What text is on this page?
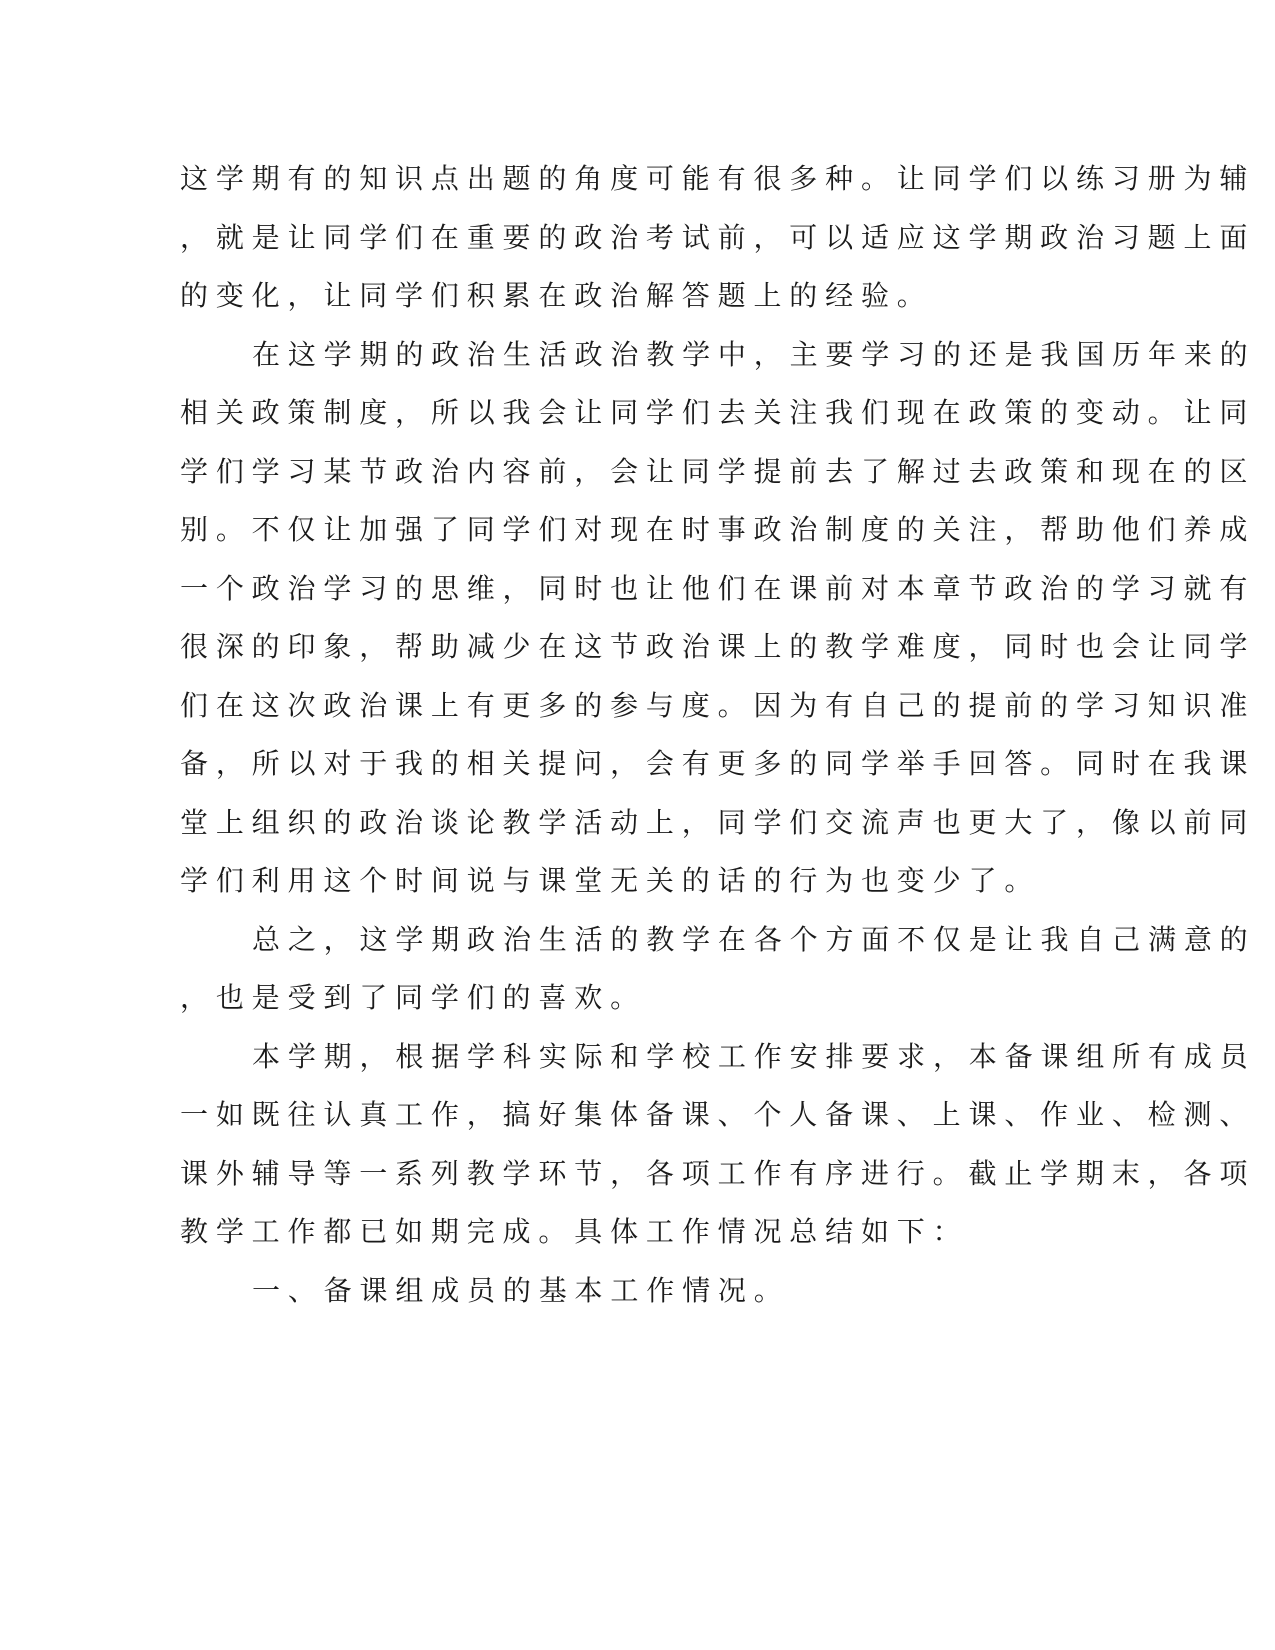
这学期有的知识点出题的角度可能有很多种。让同学们以练习册为辅
，就是让同学们在重要的政治考试前，可以适应这学期政治习题上面
的变化，让同学们积累在政治解答题上的经验。
在这学期的政治生活政治教学中，主要学习的还是我国历年来的
相关政策制度，所以我会让同学们去关注我们现在政策的变动。让同
学们学习某节政治内容前，会让同学提前去了解过去政策和现在的区
别。不仅让加强了同学们对现在时事政治制度的关注，帮助他们养成
一个政治学习的思维，同时也让他们在课前对本章节政治的学习就有
很深的印象，帮助减少在这节政治课上的教学难度，同时也会让同学
们在这次政治课上有更多的参与度。因为有自己的提前的学习知识准
备，所以对于我的相关提问，会有更多的同学举手回答。同时在我课
堂上组织的政治谈论教学活动上，同学们交流声也更大了，像以前同
学们利用这个时间说与课堂无关的话的行为也变少了。
总之，这学期政治生活的教学在各个方面不仅是让我自己满意的
，也是受到了同学们的喜欢。
本学期，根据学科实际和学校工作安排要求，本备课组所有成员
一如既往认真工作，搞好集体备课、个人备课、上课、作业、检测、
课外辅导等一系列教学环节，各项工作有序进行。截止学期末，各项
教学工作都已如期完成。具体工作情况总结如下：
一、备课组成员的基本工作情况。
